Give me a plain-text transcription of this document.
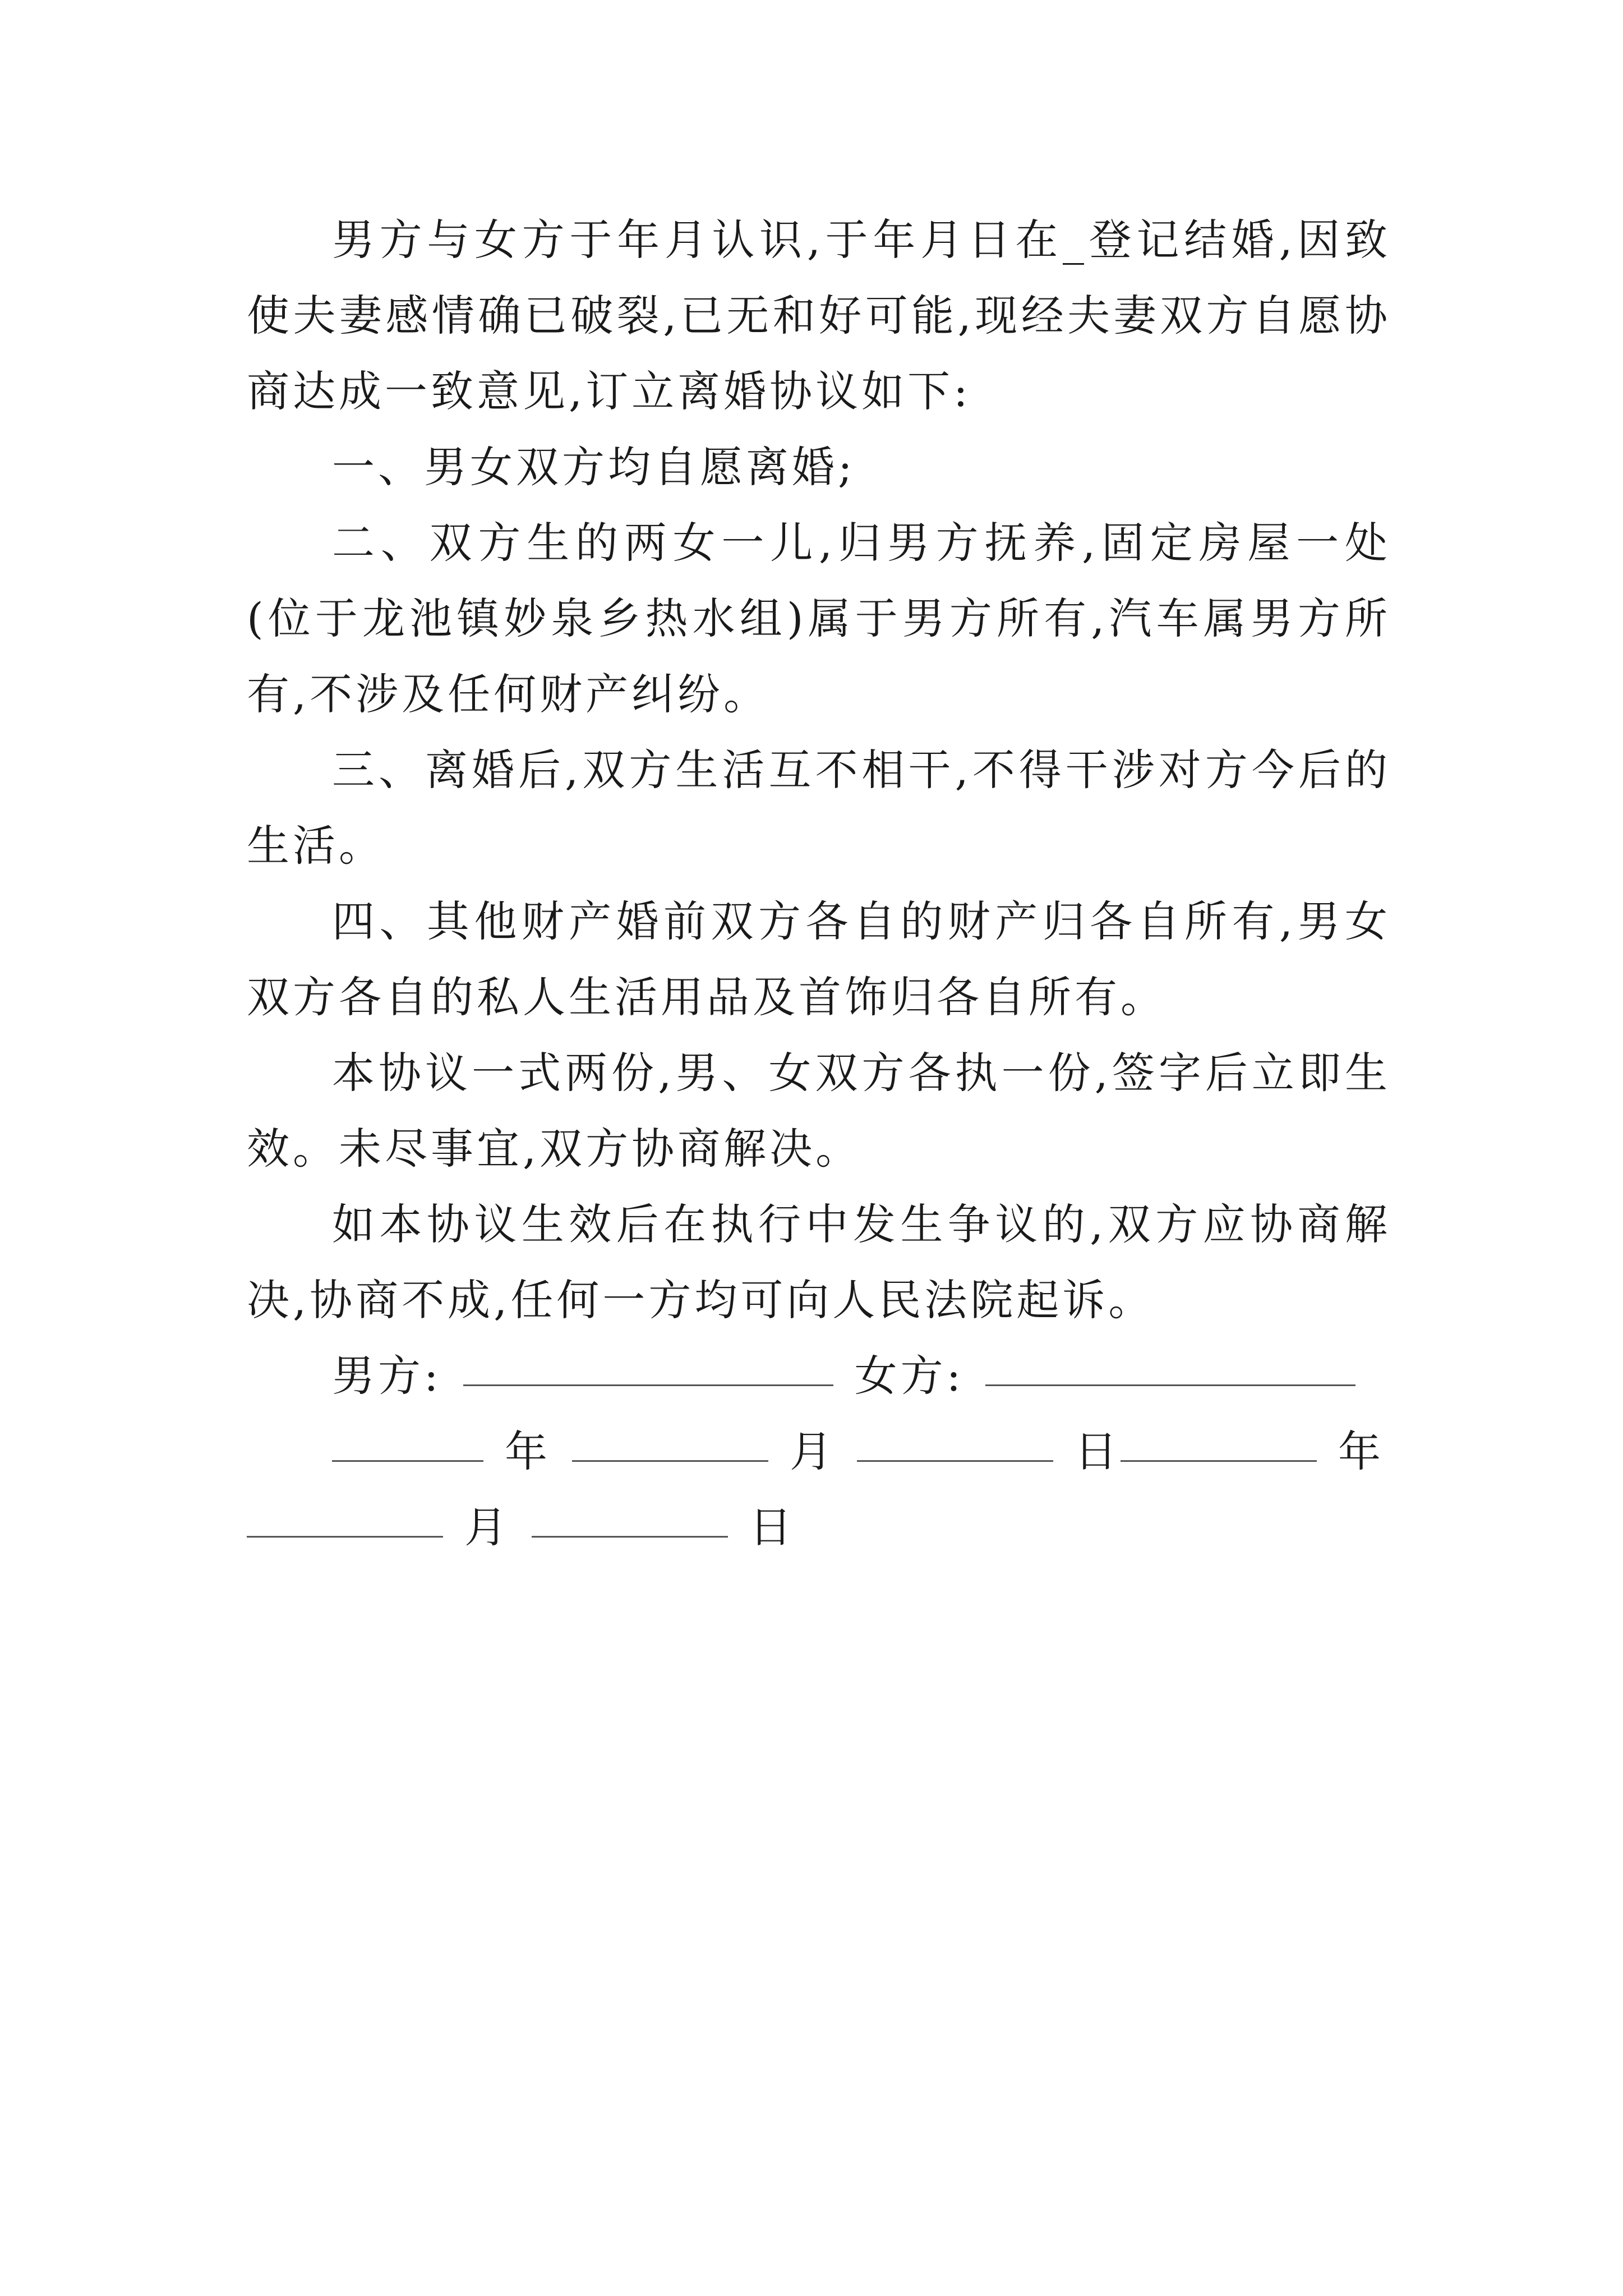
男方与女方于年月认识,于年月日在_登记结婚,因致使夫妻感情确已破裂,已无和好可能,现经夫妻双方自愿协商达成一致意见,订立离婚协议如下:

一、男女双方均自愿离婚;

二、双方生的两女一儿,归男方抚养,固定房屋一处(位于龙池镇妙泉乡热水组)属于男方所有,汽车属男方所有,不涉及任何财产纠纷。

三、离婚后,双方生活互不相干,不得干涉对方今后的生活。

四、其他财产婚前双方各自的财产归各自所有,男女双方各自的私人生活用品及首饰归各自所有。

本协议一式两份,男、女双方各执一份,签字后立即生效。未尽事宜,双方协商解决。

如本协议生效后在执行中发生争议的,双方应协商解决,协商不成,任何一方均可向人民法院起诉。

男方:	女方:

年	月	日	年

月	日
